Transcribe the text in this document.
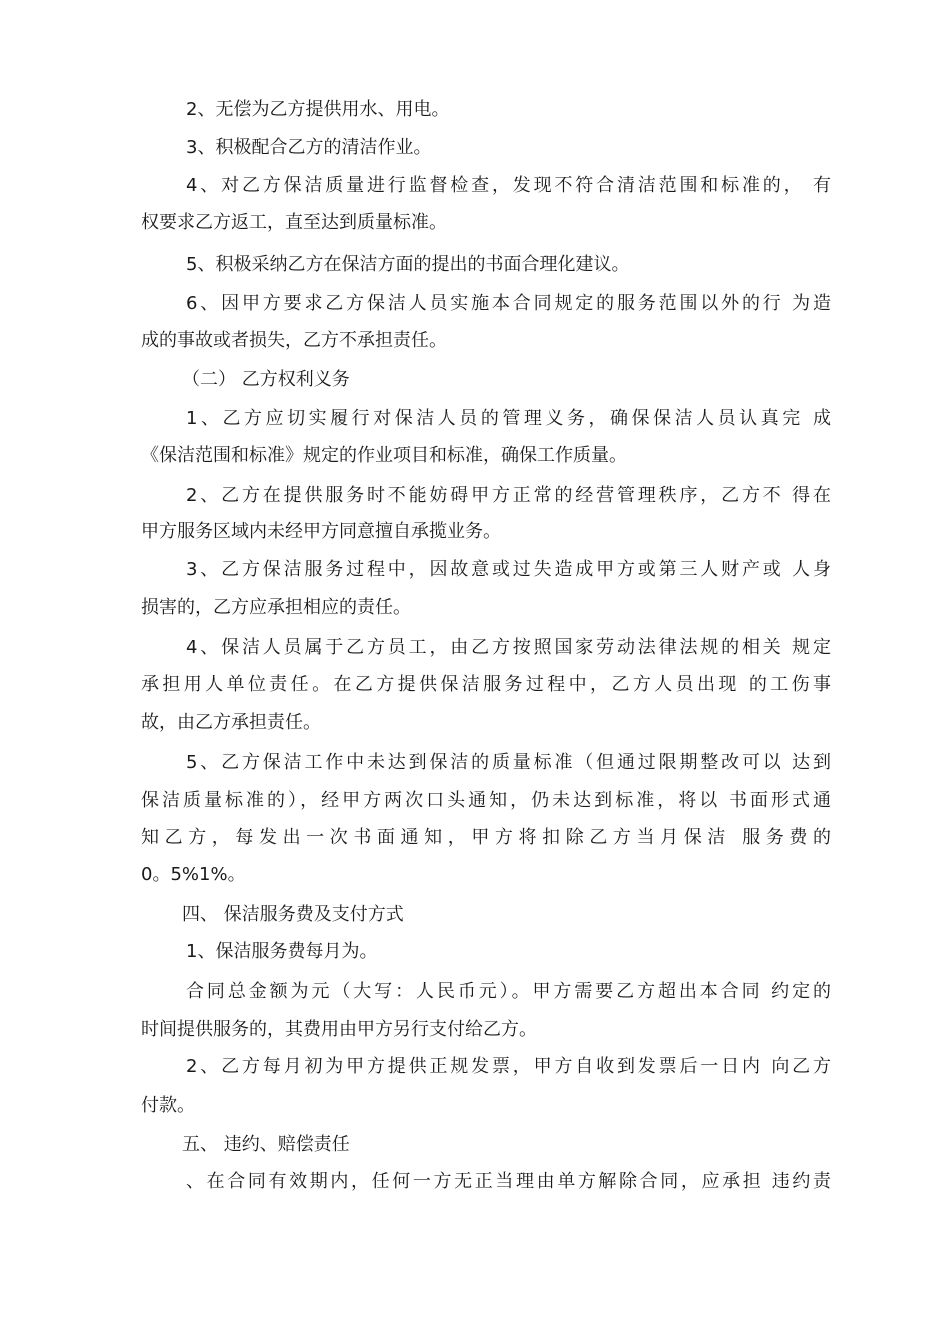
2、无偿为乙方提供用水、用电。
3、积极配合乙方的清洁作业。
4、对乙方保洁质量进行监督检查，发现不符合清洁范围和标准的， 有
权要求乙方返工，直至达到质量标准。
5、积极采纳乙方在保洁方面的提出的书面合理化建议。
6、因甲方要求乙方保洁人员实施本合同规定的服务范围以外的行 为造
成的事故或者损失，乙方不承担责任。
（二） 乙方权利义务
1、乙方应切实履行对保洁人员的管理义务，确保保洁人员认真完 成
《保洁范围和标准》规定的作业项目和标准，确保工作质量。
2、乙方在提供服务时不能妨碍甲方正常的经营管理秩序，乙方不 得在
甲方服务区域内未经甲方同意擅自承揽业务。
3、乙方保洁服务过程中，因故意或过失造成甲方或第三人财产或 人身
损害的，乙方应承担相应的责任。
4、保洁人员属于乙方员工，由乙方按照国家劳动法律法规的相关 规定
承担用人单位责任。在乙方提供保洁服务过程中，乙方人员出现 的工伤事
故，由乙方承担责任。
5、乙方保洁工作中未达到保洁的质量标准（但通过限期整改可以 达到
保洁质量标准的），经甲方两次口头通知，仍未达到标准，将以 书面形式通
知乙方，每发出一次书面通知，甲方将扣除乙方当月保洁 服务费的
0。5%1%。
四、 保洁服务费及支付方式
1、保洁服务费每月为。
合同总金额为元（大写：人民币元）。甲方需要乙方超出本合同 约定的
时间提供服务的，其费用由甲方另行支付给乙方。
2、乙方每月初为甲方提供正规发票，甲方自收到发票后一日内 向乙方
付款。
五、 违约、赔偿责任
、在合同有效期内，任何一方无正当理由单方解除合同，应承担 违约责
